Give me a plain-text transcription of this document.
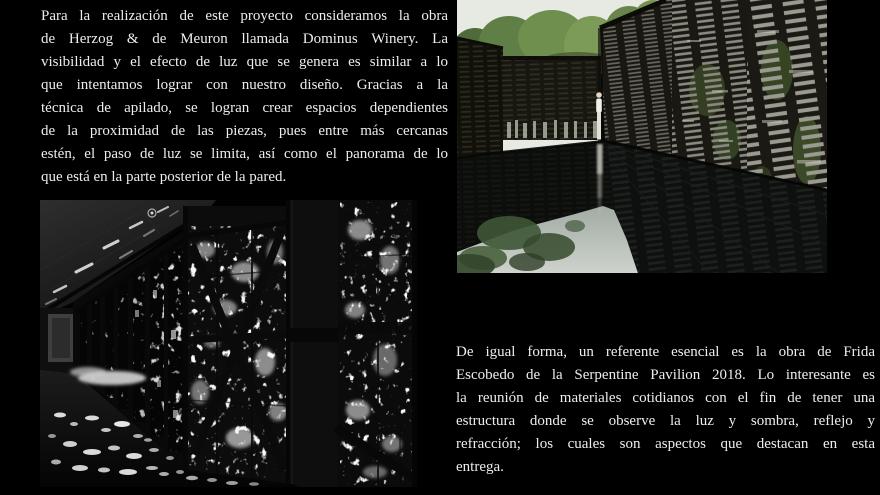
Para la realización de este proyecto consideramos la obra
de Herzog & de Meuron llamada Dominus Winery. La
visibilidad y el efecto de luz que se genera es similar a lo
que intentamos lograr con nuestro diseño. Gracias a la
técnica de apilado, se logran crear espacios dependientes
de la proximidad de las piezas, pues entre más cercanas
estén, el paso de luz se limita, así como el panorama de lo
que está en la parte posterior de la pared.
De igual forma, un referente esencial es la obra de Frida
Escobedo de la Serpentine Pavilion 2018. Lo interesante es
la reunión de materiales cotidianos con el fin de tener una
estructura donde se observe la luz y sombra, reflejo y
refracción; los cuales son aspectos que destacan en esta
entrega.
